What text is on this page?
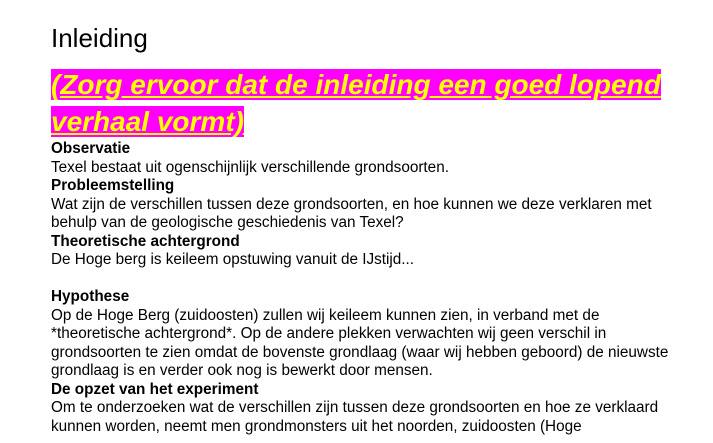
Inleiding
(Zorg ervoor dat de inleiding een goed lopend verhaal vormt)
Observatie
Texel bestaat uit ogenschijnlijk verschillende grondsoorten.
Probleemstelling
Wat zijn de verschillen tussen deze grondsoorten, en hoe kunnen we deze verklaren met behulp van de geologische geschiedenis van Texel?
Theoretische achtergrond
De Hoge berg is keileem opstuwing vanuit de IJstijd...
Hypothese
Op de Hoge Berg (zuidoosten) zullen wij keileem kunnen zien, in verband met de *theoretische achtergrond*. Op de andere plekken verwachten wij geen verschil in grondsoorten te zien omdat de bovenste grondlaag (waar wij hebben geboord) de nieuwste grondlaag is en verder ook nog is bewerkt door mensen.
De opzet van het experiment
Om te onderzoeken wat de verschillen zijn tussen deze grondsoorten en hoe ze verklaard kunnen worden, neemt men grondmonsters uit het noorden, zuidoosten (Hoge
